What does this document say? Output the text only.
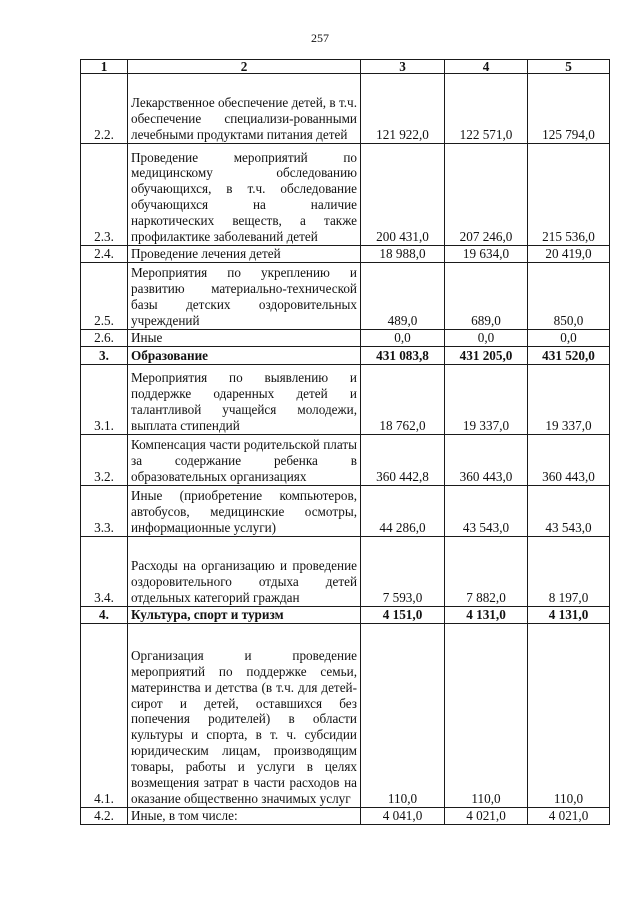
257
1	2	3	4	5
2.2.	Лекарственное обеспечение детей, в т.ч. обеспечение специализи-рованными лечебными продуктами питания детей	121 922,0	122 571,0	125 794,0
2.3.	Проведение мероприятий по медицинскому обследованию обучающихся, в т.ч. обследование обучающихся на наличие наркотических веществ, а также профилактике заболеваний детей	200 431,0	207 246,0	215 536,0
2.4.	Проведение лечения детей	18 988,0	19 634,0	20 419,0
2.5.	Мероприятия по укреплению и развитию материально-технической базы детских оздоровительных учреждений	489,0	689,0	850,0
2.6.	Иные	0,0	0,0	0,0
3.	Образование	431 083,8	431 205,0	431 520,0
3.1.	Мероприятия по выявлению и поддержке одаренных детей и талантливой учащейся молодежи, выплата стипендий	18 762,0	19 337,0	19 337,0
3.2.	Компенсация части родительской платы за содержание ребенка в образовательных организациях	360 442,8	360 443,0	360 443,0
3.3.	Иные (приобретение компьютеров, автобусов, медицинские осмотры, информационные услуги)	44 286,0	43 543,0	43 543,0
3.4.	Расходы на организацию и проведение оздоровительного отдыха детей отдельных категорий граждан	7 593,0	7 882,0	8 197,0
4.	Культура, спорт и туризм	4 151,0	4 131,0	4 131,0
4.1.	Организация и проведение мероприятий по поддержке семьи, материнства и детства (в т.ч. для детей-сирот и детей, оставшихся без попечения родителей) в области культуры и спорта, в т. ч. субсидии юридическим лицам, производящим товары, работы и услуги в целях возмещения затрат в части расходов на оказание общественно значимых услуг	110,0	110,0	110,0
4.2.	Иные, в том числе:	4 041,0	4 021,0	4 021,0
